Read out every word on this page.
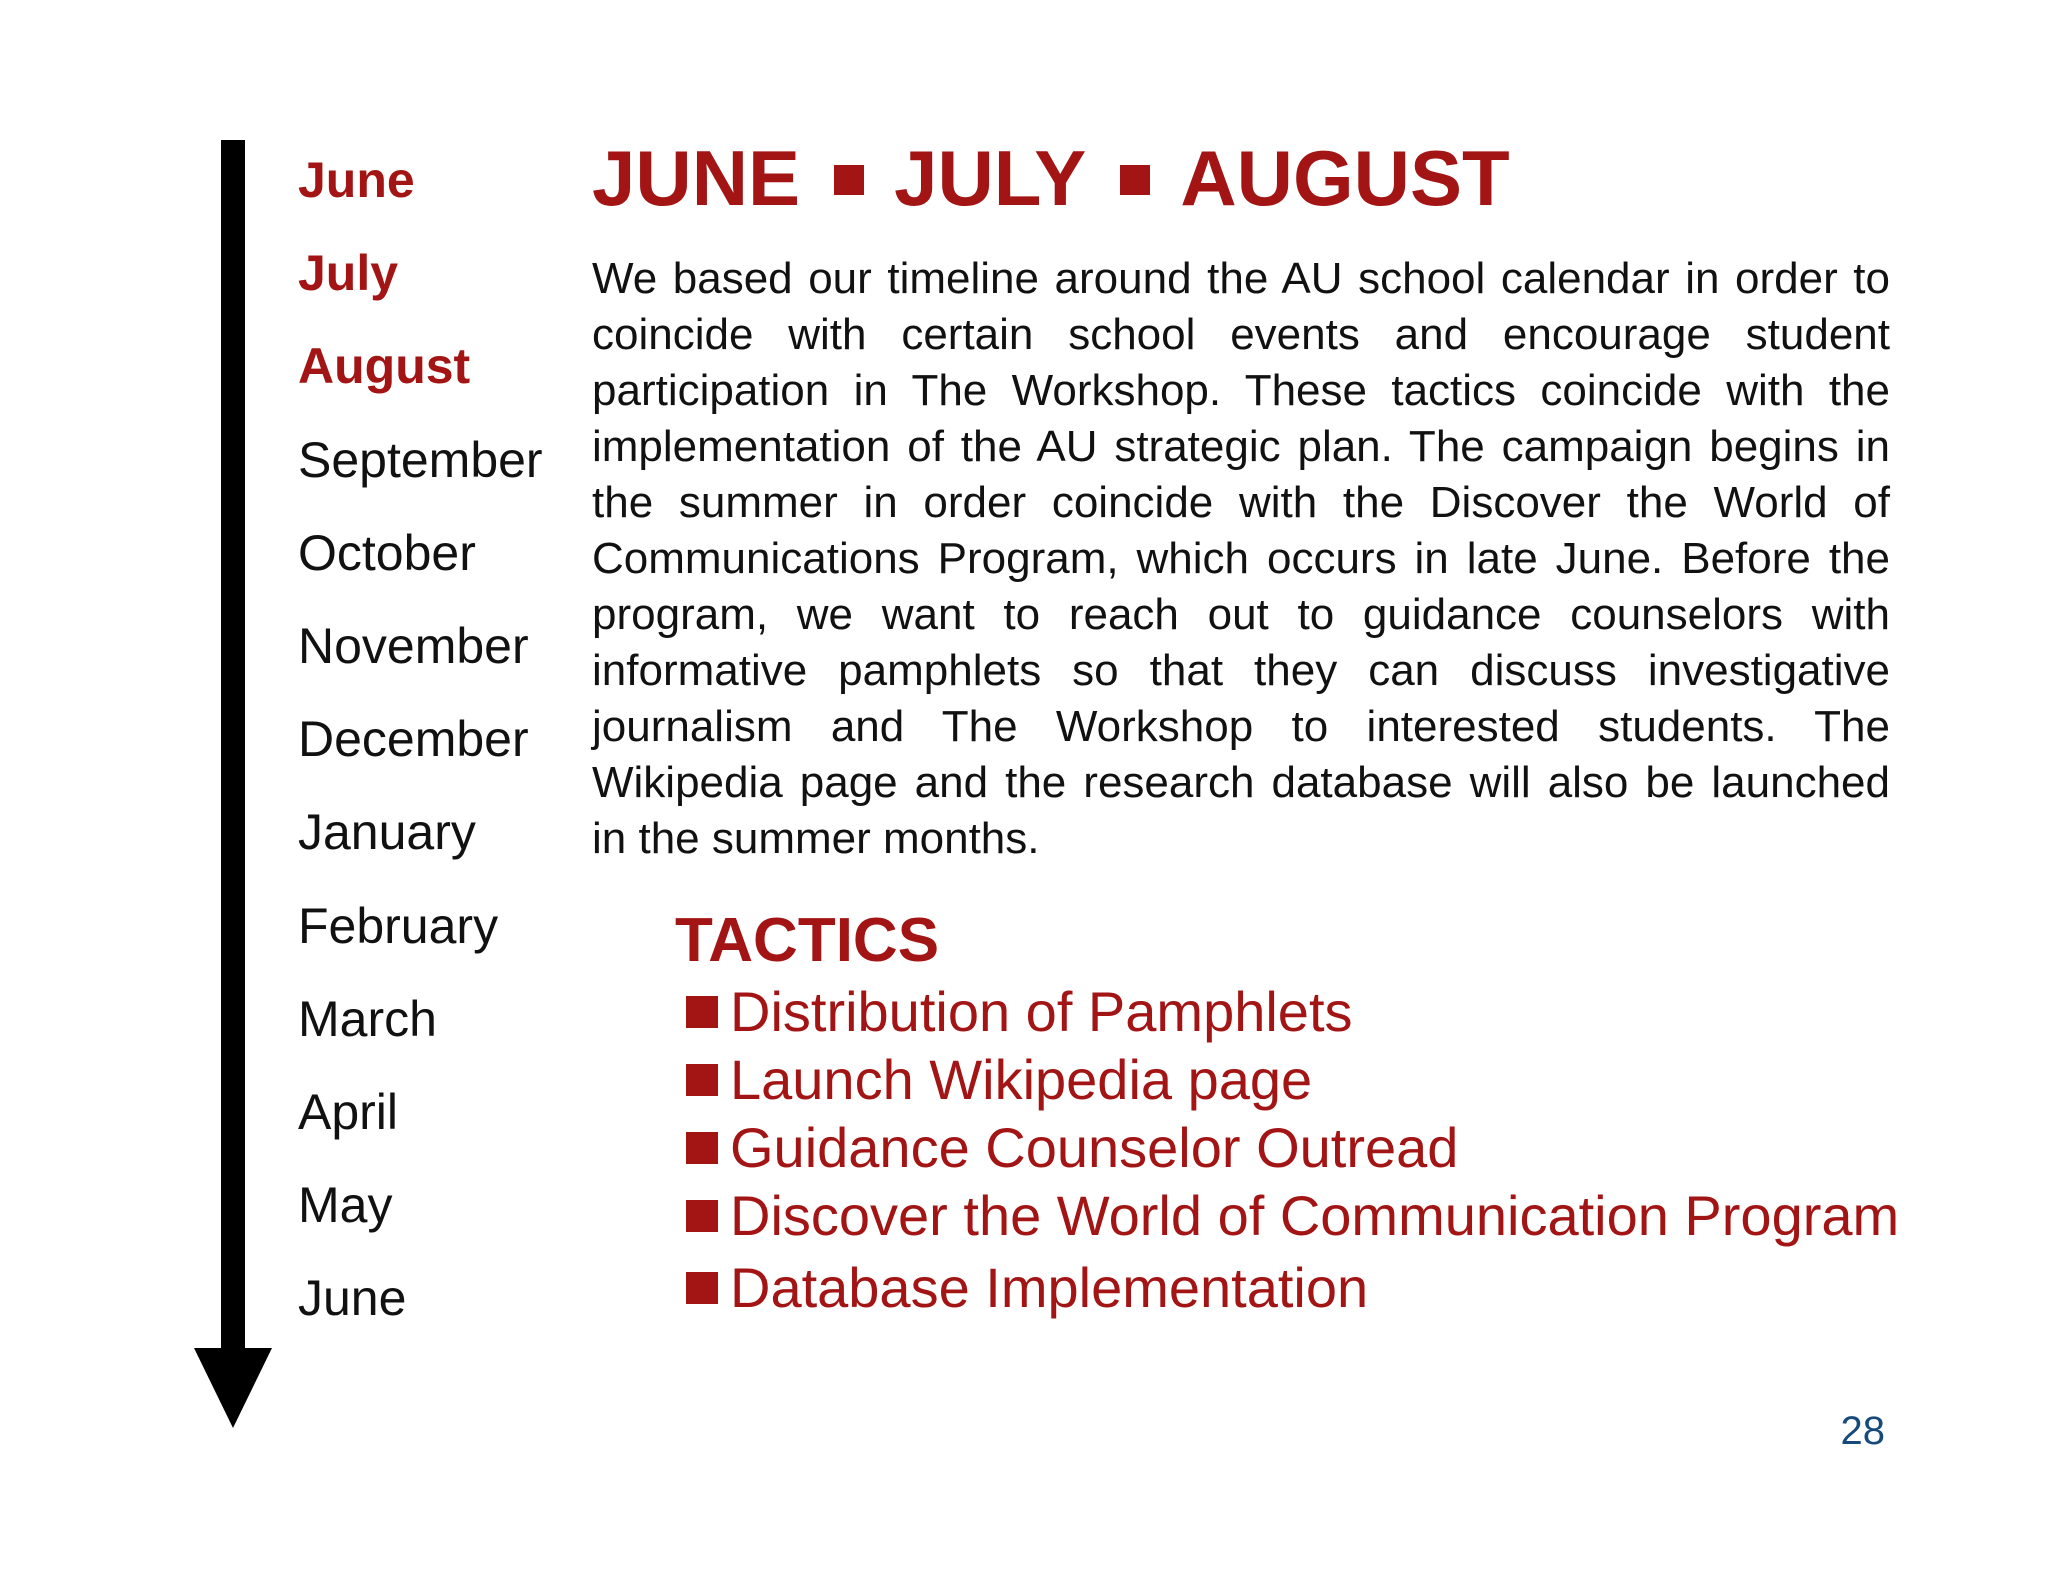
June
July
August
September
October
November
December
January
February
March
April
May
June
JUNE JULY AUGUST

We based our timeline around the AU school calendar in order to coincide with certain school events and encourage student participation in The Workshop. These tactics coincide with the implementation of the AU strategic plan. The campaign begins in the summer in order coincide with the Discover the World of Communications Program, which occurs in late June. Before the program, we want to reach out to guidance counselors with informative pamphlets so that they can discuss investigative journalism and The Workshop to interested students. The Wikipedia page and the research database will also be launched in the summer months.

TACTICS
Distribution of Pamphlets
Launch Wikipedia page
Guidance Counselor Outread
Discover the World of Communication Program
Database Implementation
28
